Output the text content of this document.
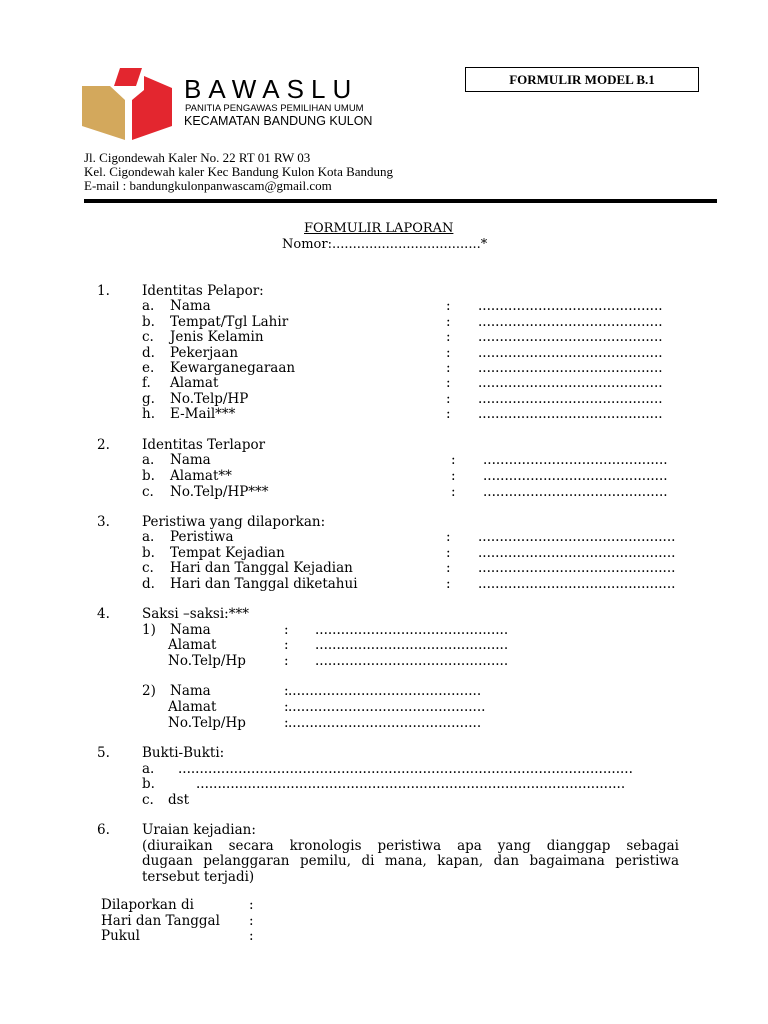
BAWASLU
PANITIA PENGAWAS PEMILIHAN UMUM
KECAMATAN BANDUNG KULON
FORMULIR MODEL B.1
Jl. Cigondewah Kaler No. 22 RT 01 RW 03
Kel. Cigondewah kaler Kec Bandung Kulon Kota Bandung
E-mail : bandungkulonpanwascam@gmail.com
FORMULIR LAPORAN
Nomor:....................................*
1. Identitas Pelapor:
a. Nama	: ...........................................
b. Tempat/Tgl Lahir	: ...........................................
c. Jenis Kelamin	: ...........................................
d. Pekerjaan	: ...........................................
e. Kewarganegaraan	: ...........................................
f. Alamat	: ...........................................
g. No.Telp/HP	: ...........................................
h. E-Mail***	: ...........................................
2. Identitas Terlapor
a. Nama	: ...........................................
b. Alamat**	: ...........................................
c. No.Telp/HP***	: ...........................................
3. Peristiwa yang dilaporkan:
a. Peristiwa	: ..............................................
b. Tempat Kejadian	: ..............................................
c. Hari dan Tanggal Kejadian	: ..............................................
d. Hari dan Tanggal diketahui	: ..............................................
4. Saksi –saksi:***
1) Nama	: .............................................
Alamat	: .............................................
No.Telp/Hp	: .............................................
2) Nama	: .............................................
Alamat	: ..............................................
No.Telp/Hp	: .............................................
5. Bukti-Bukti:
a. ..........................................................................................................
b.	....................................................................................................
c. dst
6. Uraian kejadian:
(diuraikan secara kronologis peristiwa apa yang dianggap sebagai
dugaan pelanggaran pemilu, di mana, kapan, dan bagaimana peristiwa
tersebut terjadi)
Dilaporkan di	:
Hari dan Tanggal :
Pukul	:
